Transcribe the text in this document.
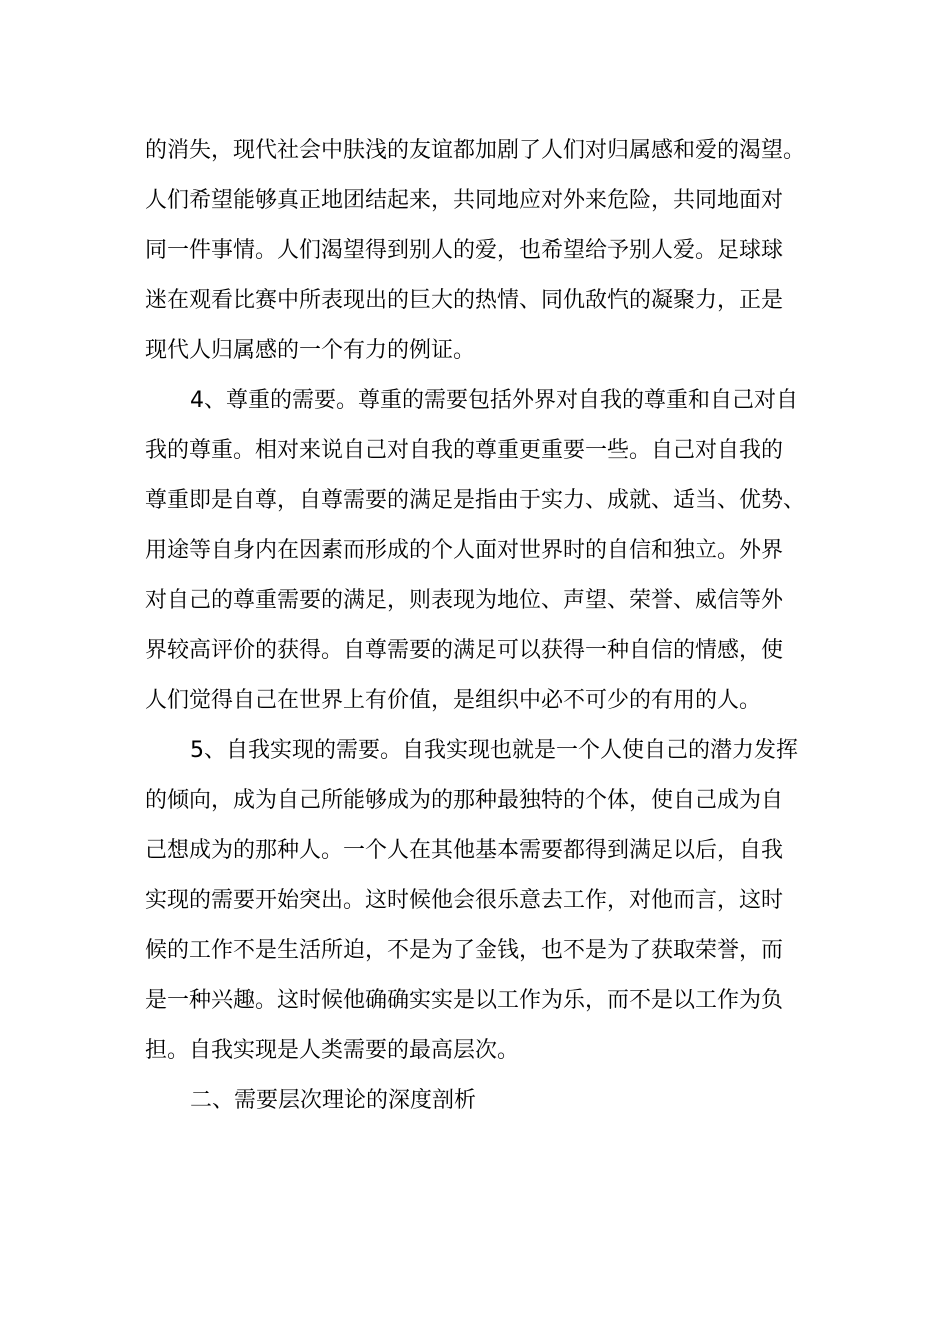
的消失，现代社会中肤浅的友谊都加剧了人们对归属感和爱的渴望。
人们希望能够真正地团结起来，共同地应对外来危险，共同地面对
同一件事情。人们渴望得到别人的爱，也希望给予别人爱。足球球
迷在观看比赛中所表现出的巨大的热情、同仇敌忾的凝聚力，正是
现代人归属感的一个有力的例证。
4、尊重的需要。尊重的需要包括外界对自我的尊重和自己对自
我的尊重。相对来说自己对自我的尊重更重要一些。自己对自我的
尊重即是自尊，自尊需要的满足是指由于实力、成就、适当、优势、
用途等自身内在因素而形成的个人面对世界时的自信和独立。外界
对自己的尊重需要的满足，则表现为地位、声望、荣誉、威信等外
界较高评价的获得。自尊需要的满足可以获得一种自信的情感，使
人们觉得自己在世界上有价值，是组织中必不可少的有用的人。
5、自我实现的需要。自我实现也就是一个人使自己的潜力发挥
的倾向，成为自己所能够成为的那种最独特的个体，使自己成为自
己想成为的那种人。一个人在其他基本需要都得到满足以后，自我
实现的需要开始突出。这时候他会很乐意去工作，对他而言，这时
候的工作不是生活所迫，不是为了金钱，也不是为了获取荣誉，而
是一种兴趣。这时候他确确实实是以工作为乐，而不是以工作为负
担。自我实现是人类需要的最高层次。
二、需要层次理论的深度剖析
